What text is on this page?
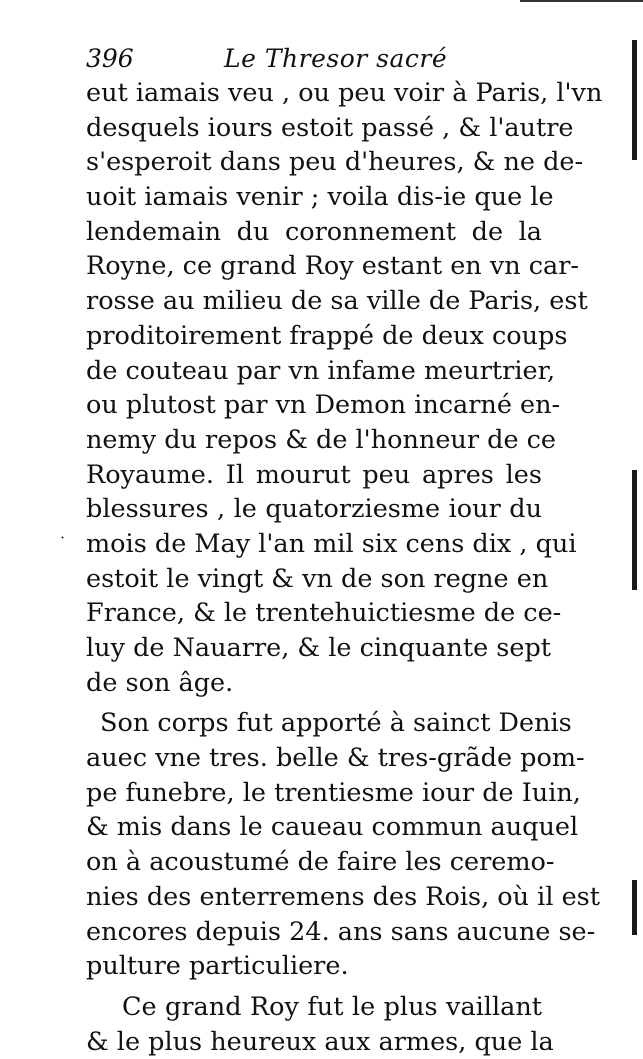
396	Le Thresor sacré
˙
eut iamais veu , ou peu voir à Paris, l'vn
desquels iours estoit passé , & l'autre
s'esperoit dans peu d'heures, & ne de-
uoit iamais venir ; voila dis-ie que le
lendemain du coronnement de la
Royne, ce grand Roy estant en vn car-
rosse au milieu de sa ville de Paris, est
proditoirement frappé de deux coups
de couteau par vn infame meurtrier,
ou plutost par vn Demon incarné en-
nemy du repos & de l'honneur de ce
Royaume. Il mourut peu apres les
blessures , le quatorziesme iour du
mois de May l'an mil six cens dix , qui
estoit le vingt & vn de son regne en
France, & le trentehuictiesme de ce-
luy de Nauarre, & le cinquante sept
de son âge.
Son corps fut apporté à sainct Denis
auec vne tres. belle & tres-grãde pom-
pe funebre, le trentiesme iour de Iuin,
& mis dans le caueau commun auquel
on à acoustumé de faire les ceremo-
nies des enterremens des Rois, où il est
encores depuis 24. ans sans aucune se-
pulture particuliere.
Ce grand Roy fut le plus vaillant
& le plus heureux aux armes, que la
